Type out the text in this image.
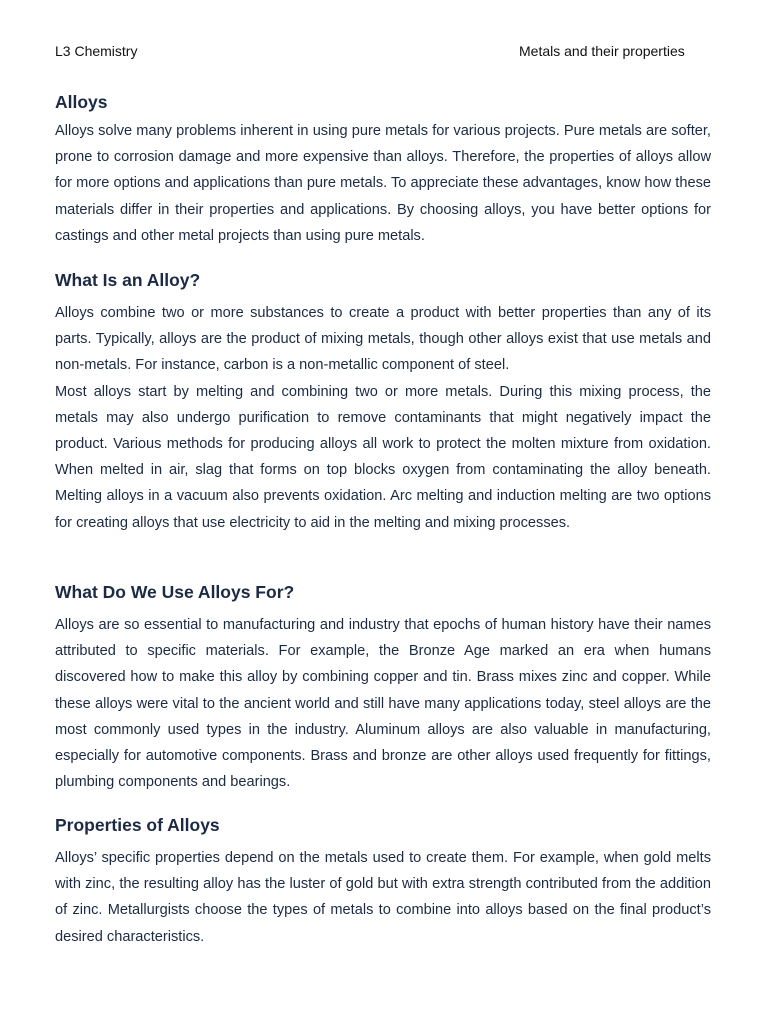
L3 Chemistry	Metals and their properties
Alloys

Alloys solve many problems inherent in using pure metals for various projects. Pure metals are softer, prone to corrosion damage and more expensive than alloys. Therefore, the properties of alloys allow for more options and applications than pure metals. To appreciate these advantages, know how these materials differ in their properties and applications. By choosing alloys, you have better options for castings and other metal projects than using pure metals.

What Is an Alloy?

Alloys combine two or more substances to create a product with better properties than any of its parts. Typically, alloys are the product of mixing metals, though other alloys exist that use metals and non-metals. For instance, carbon is a non-metallic component of steel.

Most alloys start by melting and combining two or more metals. During this mixing process, the metals may also undergo purification to remove contaminants that might negatively impact the product. Various methods for producing alloys all work to protect the molten mixture from oxidation. When melted in air, slag that forms on top blocks oxygen from contaminating the alloy beneath. Melting alloys in a vacuum also prevents oxidation. Arc melting and induction melting are two options for creating alloys that use electricity to aid in the melting and mixing processes.

What Do We Use Alloys For?

Alloys are so essential to manufacturing and industry that epochs of human history have their names attributed to specific materials. For example, the Bronze Age marked an era when humans discovered how to make this alloy by combining copper and tin. Brass mixes zinc and copper. While these alloys were vital to the ancient world and still have many applications today, steel alloys are the most commonly used types in the industry. Aluminum alloys are also valuable in manufacturing, especially for automotive components. Brass and bronze are other alloys used frequently for fittings, plumbing components and bearings.

Properties of Alloys

Alloys’ specific properties depend on the metals used to create them. For example, when gold melts with zinc, the resulting alloy has the luster of gold but with extra strength contributed from the addition of zinc. Metallurgists choose the types of metals to combine into alloys based on the final product’s desired characteristics.
